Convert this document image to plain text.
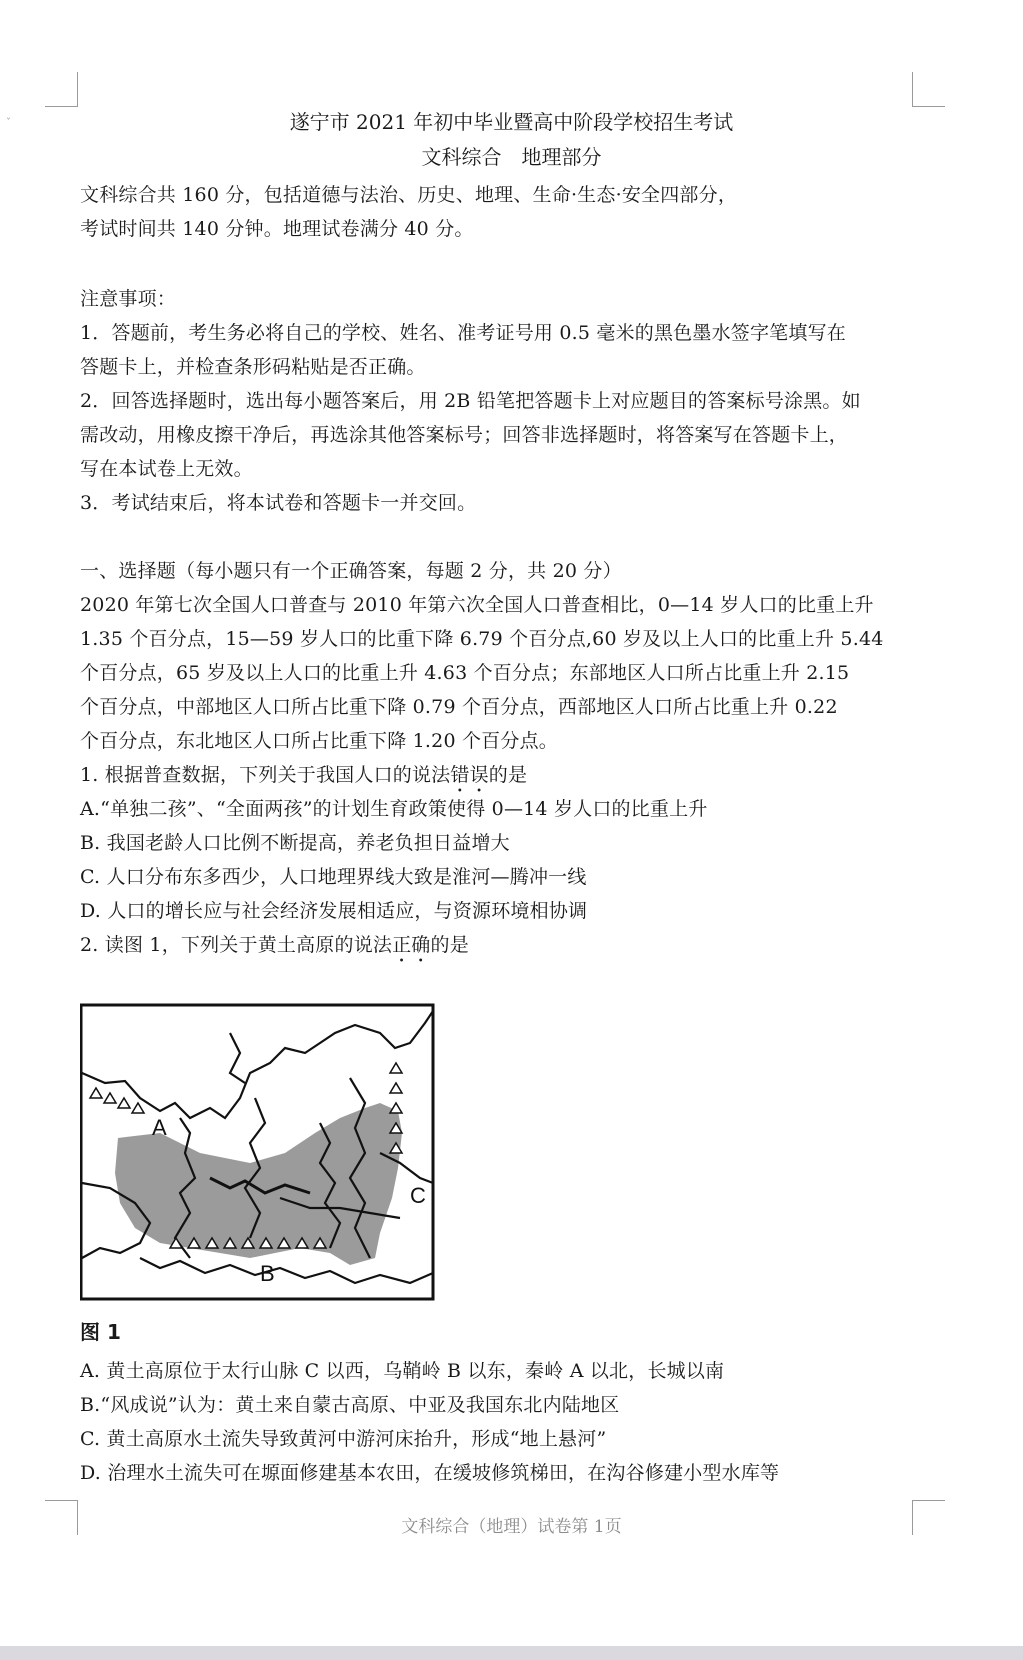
ˇ	遂宁市 2021 年初中毕业暨高中阶段学校招生考试
文科综合　地理部分
文科综合共 160 分，包括道德与法治、历史、地理、生命·生态·安全四部分，
考试时间共 140 分钟。地理试卷满分 40 分。
注意事项：
1．答题前，考生务必将自己的学校、姓名、准考证号用 0.5 毫米的黑色墨水签字笔填写在
答题卡上，并检查条形码粘贴是否正确。
2．回答选择题时，选出每小题答案后，用 2B 铅笔把答题卡上对应题目的答案标号涂黑。如
需改动，用橡皮擦干净后，再选涂其他答案标号；回答非选择题时，将答案写在答题卡上，
写在本试卷上无效。
3．考试结束后，将本试卷和答题卡一并交回。
一、选择题（每小题只有一个正确答案，每题 2 分，共 20 分）
2020 年第七次全国人口普查与 2010 年第六次全国人口普查相比，0—14 岁人口的比重上升
1.35 个百分点，15—59 岁人口的比重下降 6.79 个百分点,60 岁及以上人口的比重上升 5.44
个百分点，65 岁及以上人口的比重上升 4.63 个百分点；东部地区人口所占比重上升 2.15
个百分点，中部地区人口所占比重下降 0.79 个百分点，西部地区人口所占比重上升 0.22
个百分点，东北地区人口所占比重下降 1.20 个百分点。
1. 根据普查数据，下列关于我国人口的说法错误的是
A.“单独二孩”、“全面两孩”的计划生育政策使得 0—14 岁人口的比重上升
B. 我国老龄人口比例不断提高，养老负担日益增大
C. 人口分布东多西少，人口地理界线大致是淮河—腾冲一线
D. 人口的增长应与社会经济发展相适应，与资源环境相协调
2. 读图 1，下列关于黄土高原的说法正确的是
A
B
C
图 1
A. 黄土高原位于太行山脉 C 以西，乌鞘岭 B 以东，秦岭 A 以北，长城以南
B.“风成说”认为：黄土来自蒙古高原、中亚及我国东北内陆地区
C. 黄土高原水土流失导致黄河中游河床抬升，形成“地上悬河”
D. 治理水土流失可在塬面修建基本农田，在缓坡修筑梯田，在沟谷修建小型水库等
文科综合（地理）试卷第 1页
